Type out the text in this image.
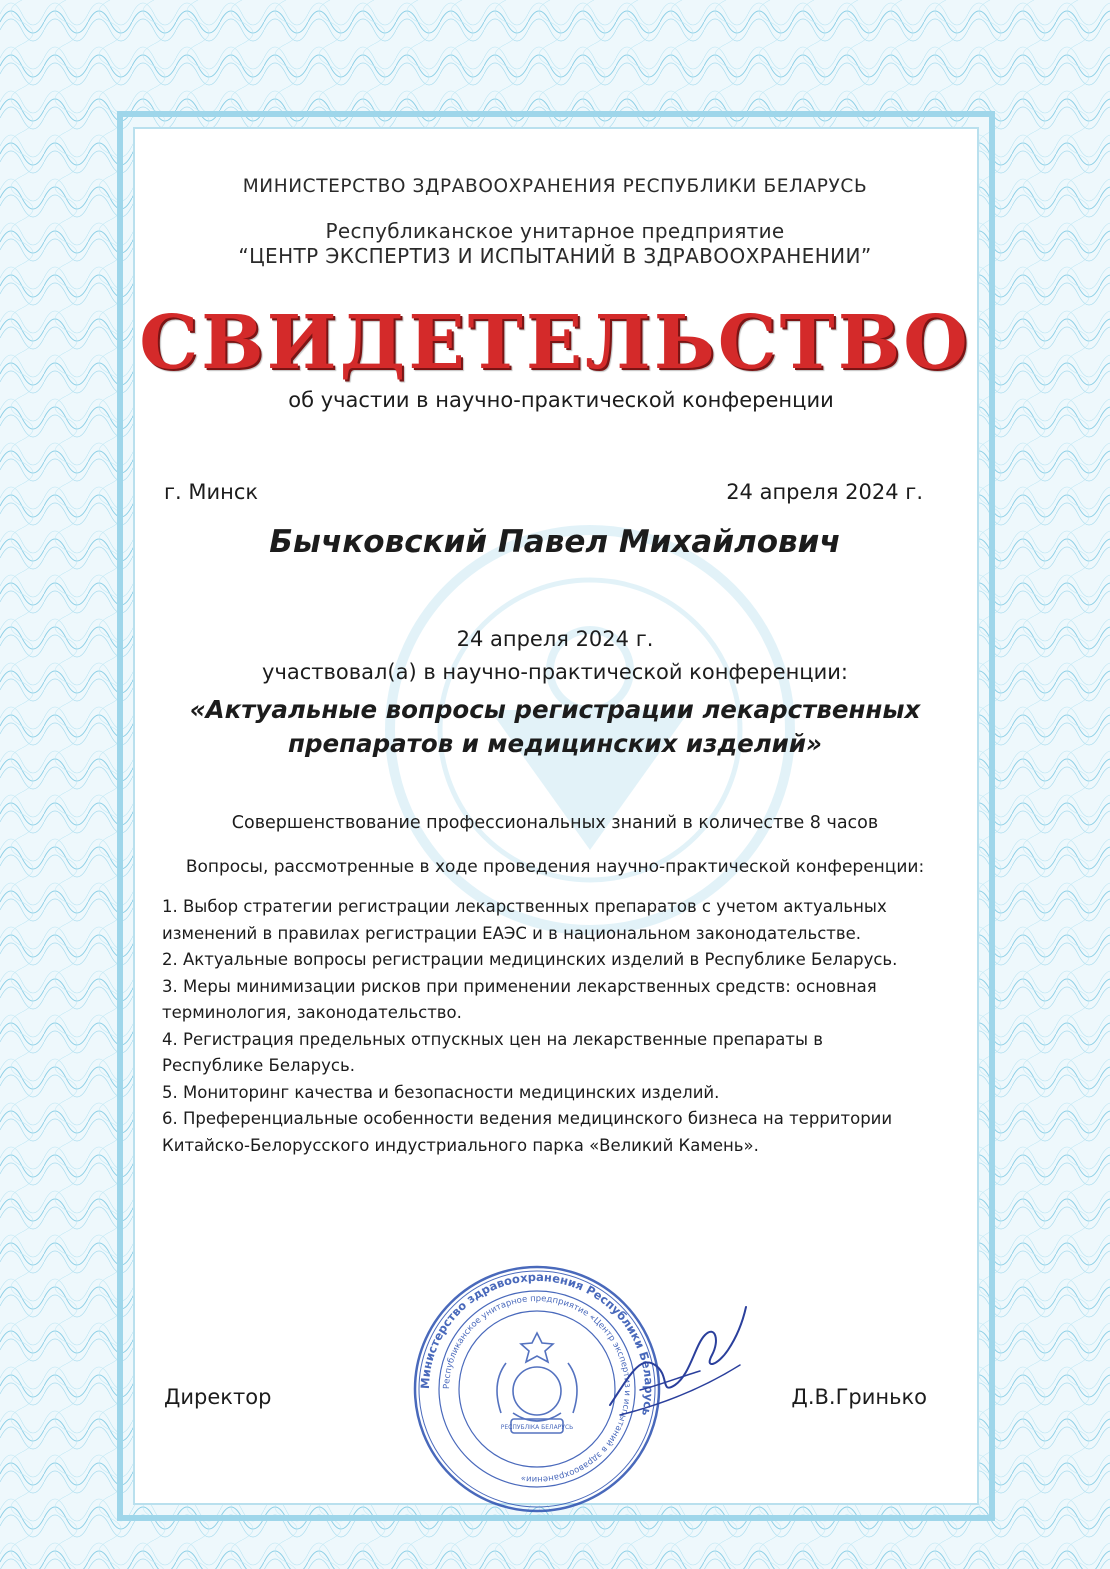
МИНИСТЕРСТВО ЗДРАВООХРАНЕНИЯ РЕСПУБЛИКИ БЕЛАРУСЬ
Республиканское унитарное предприятие
“ЦЕНТР ЭКСПЕРТИЗ И ИСПЫТАНИЙ В ЗДРАВООХРАНЕНИИ”
СВИДЕТЕЛЬСТВО
об участии в научно-практической конференции
г. Минск	24 апреля 2024 г.
Бычковский Павел Михайлович
24 апреля 2024 г.
участвовал(а) в научно-практической конференции:
«Актуальные вопросы регистрации лекарственных
препаратов и медицинских изделий»
Совершенствование профессиональных знаний в количестве 8 часов
Вопросы, рассмотренные в ходе проведения научно-практической конференции:
1. Выбор стратегии регистрации лекарственных препаратов с учетом актуальных
изменений в правилах регистрации ЕАЭС и в национальном законодательстве.
2. Актуальные вопросы регистрации медицинских изделий в Республике Беларусь.
3. Меры минимизации рисков при применении лекарственных средств: основная
терминология, законодательство.
4. Регистрация предельных отпускных цен на лекарственные препараты в
Республике Беларусь.
5. Мониторинг качества и безопасности медицинских изделий.
6. Преференциальные особенности ведения медицинского бизнеса на территории
Китайско-Белорусского индустриального парка «Великий Камень».
Директор	Д.В.Гринько
Министерство здравоохранения Республики Беларусь
Республиканское унитарное предприятие «Центр экспертиз и испытаний в здравоохранении»
РЕСПУБЛІКА БЕЛАРУСЬ
